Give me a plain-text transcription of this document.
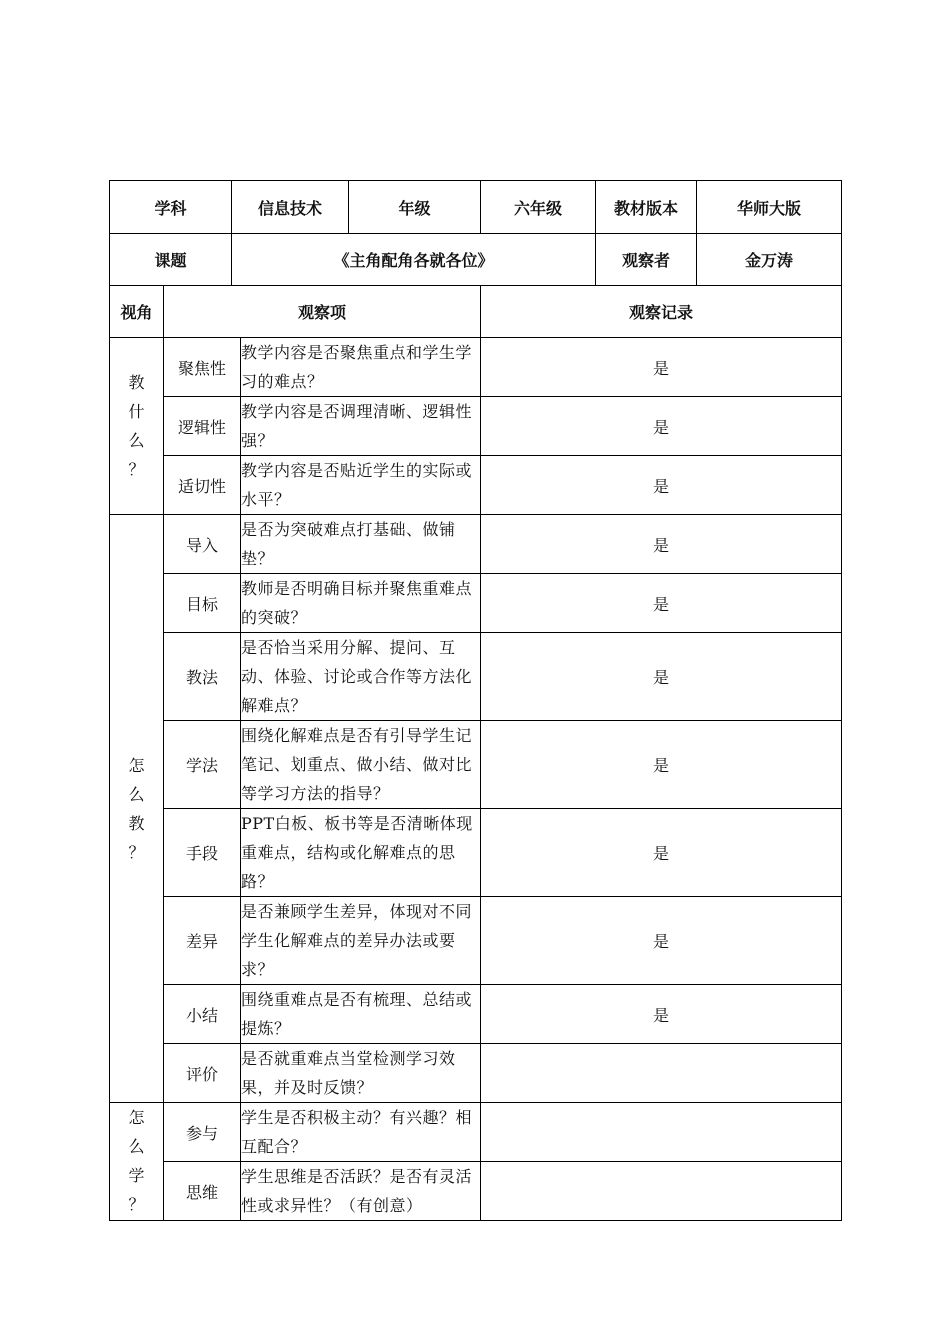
学科		信息技术		年级	六年级	教材版本	华师大版
课题		《主角配角各就各位》				观察者	金万涛
视角	观察项				观察记录		

教
什
么
？	聚焦性		教学内容是否聚焦重点和学生学习的难点？		是		
	逻辑性		教学内容是否调理清晰、逻辑性强？		是		
	适切性		教学内容是否贴近学生的实际或水平？		是		

怎
么
教
？	导入		是否为突破难点打基础、做铺垫？		是		
	目标		教师是否明确目标并聚焦重难点的突破？		是		
	教法		是否恰当采用分解、提问、互动、体验、讨论或合作等方法化解难点？		是		
	学法		围绕化解难点是否有引导学生记笔记、划重点、做小结、做对比等学习方法的指导？		是		
	手段		PPT白板、板书等是否清晰体现重难点，结构或化解难点的思路？		是		
	差异		是否兼顾学生差异，体现对不同学生化解难点的差异办法或要求？		是		
	小结		围绕重难点是否有梳理、总结或提炼？		是		
	评价		是否就重难点当堂检测学习效果，并及时反馈？				

怎
么
学
？	参与		学生是否积极主动？有兴趣？相互配合？				
	思维		学生思维是否活跃？是否有灵活性或求异性？（有创意）				
